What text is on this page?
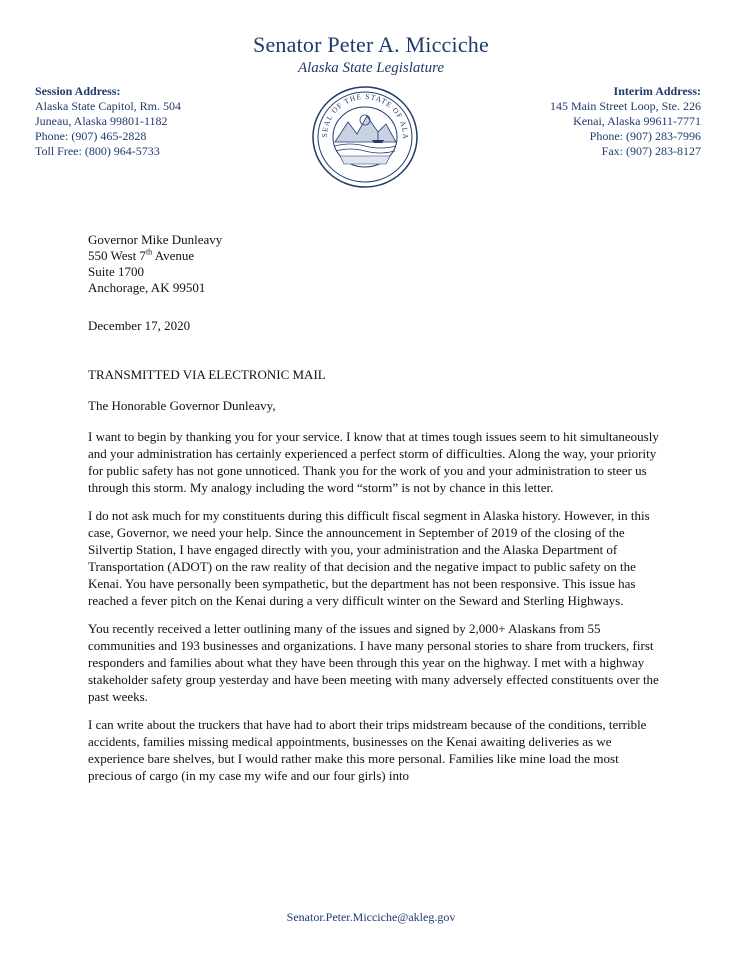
Senator Peter A. Micciche
Alaska State Legislature
Session Address:
Alaska State Capitol, Rm. 504
Juneau, Alaska 99801-1182
Phone: (907) 465-2828
Toll Free: (800) 964-5733
SEAL OF THE STATE OF ALA
Interim Address:
145 Main Street Loop, Ste. 226
Kenai, Alaska 99611-7771
Phone: (907) 283-7996
Fax: (907) 283-8127
Governor Mike Dunleavy
550 West 7th Avenue
Suite 1700
Anchorage, AK 99501
December 17, 2020
TRANSMITTED VIA ELECTRONIC MAIL
The Honorable Governor Dunleavy,

I want to begin by thanking you for your service. I know that at times tough issues seem to hit simultaneously and your administration has certainly experienced a perfect storm of difficulties. Along the way, your priority for public safety has not gone unnoticed. Thank you for the work of you and your administration to steer us through this storm. My analogy including the word “storm” is not by chance in this letter.

I do not ask much for my constituents during this difficult fiscal segment in Alaska history. However, in this case, Governor, we need your help. Since the announcement in September of 2019 of the closing of the Silvertip Station, I have engaged directly with you, your administration and the Alaska Department of Transportation (ADOT) on the raw reality of that decision and the negative impact to public safety on the Kenai. You have personally been sympathetic, but the department has not been responsive. This issue has reached a fever pitch on the Kenai during a very difficult winter on the Seward and Sterling Highways.

You recently received a letter outlining many of the issues and signed by 2,000+ Alaskans from 55 communities and 193 businesses and organizations. I have many personal stories to share from truckers, first responders and families about what they have been through this year on the highway. I met with a highway stakeholder safety group yesterday and have been meeting with many adversely effected constituents over the past weeks.

I can write about the truckers that have had to abort their trips midstream because of the conditions, terrible accidents, families missing medical appointments, businesses on the Kenai awaiting deliveries as we experience bare shelves, but I would rather make this more personal. Families like mine load the most precious of cargo (in my case my wife and our four girls) into

Senator.Peter.Micciche@akleg.gov
